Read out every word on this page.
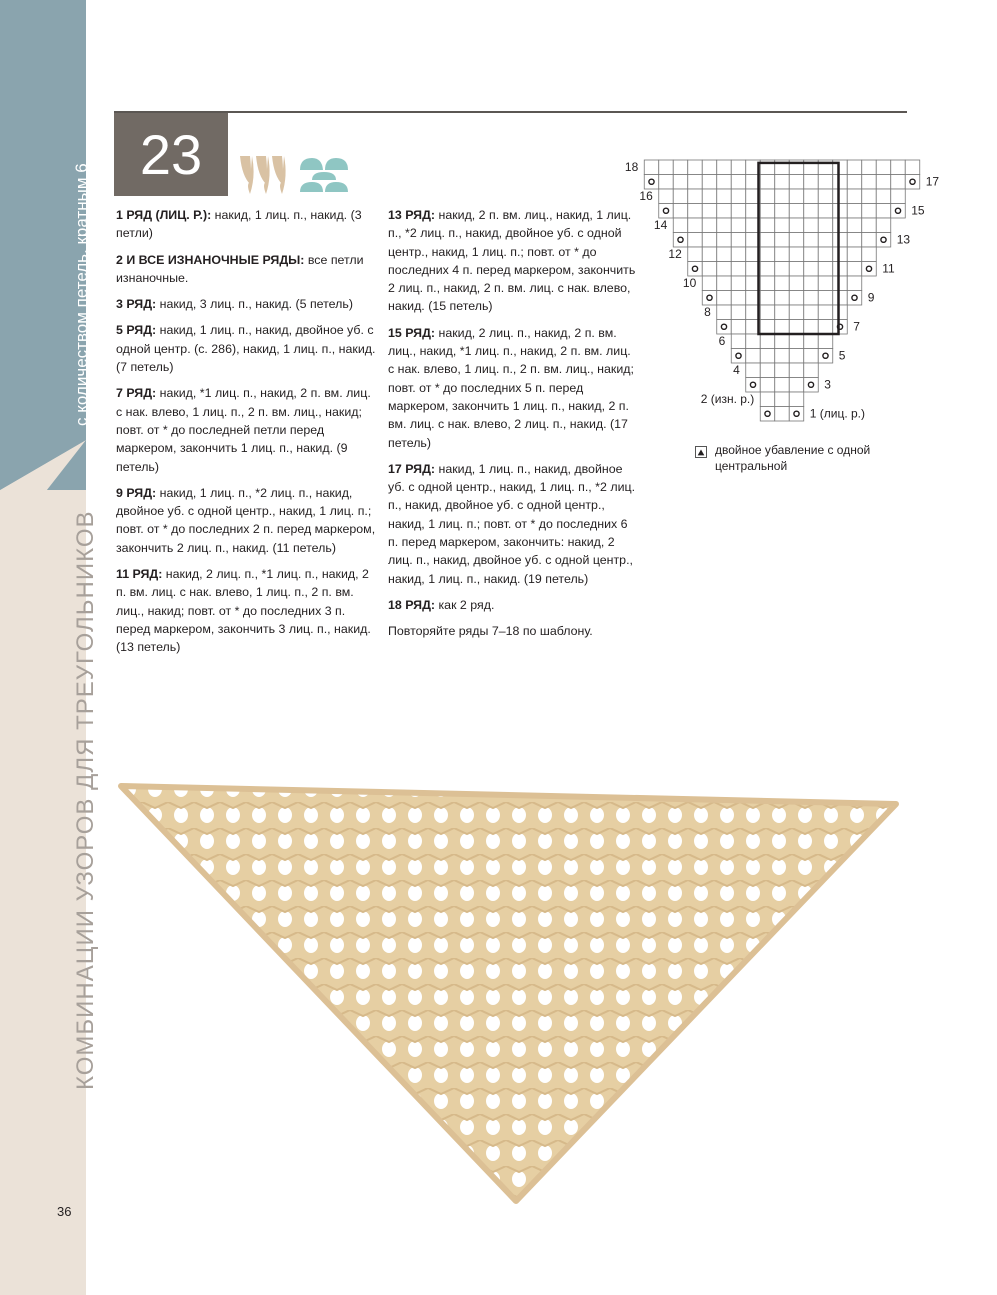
с количеством петель, кратным 6
КОМБИНАЦИИ УЗОРОВ ДЛЯ ТРЕУГОЛЬНИКОВ
23

1 РЯД (ЛИЦ. Р.): накид, 1 лиц. п., накид. (3 петли)

2 И ВСЕ ИЗНАНОЧНЫЕ РЯДЫ: все петли изнаночные.

3 РЯД: накид, 3 лиц. п., накид. (5 петель)

5 РЯД: накид, 1 лиц. п., накид, двойное уб. с одной центр. (с. 286), накид, 1 лиц. п., накид. (7 петель)

7 РЯД: накид, *1 лиц. п., накид, 2 п. вм. лиц. с нак. влево, 1 лиц. п., 2 п. вм. лиц., накид; повт. от * до последней петли перед маркером, закончить 1 лиц. п., накид. (9 петель)

9 РЯД: накид, 1 лиц. п., *2 лиц. п., накид, двойное уб. с одной центр., накид, 1 лиц. п.; повт. от * до последних 2 п. перед маркером, закончить 2 лиц. п., накид. (11 петель)

11 РЯД: накид, 2 лиц. п., *1 лиц. п., накид, 2 п. вм. лиц. с нак. влево, 1 лиц. п., 2 п. вм. лиц., накид; повт. от * до последних 3 п. перед маркером, закончить 3 лиц. п., накид. (13 петель)

13 РЯД: накид, 2 п. вм. лиц., накид, 1 лиц. п., *2 лиц. п., накид, двойное уб. с одной центр., накид, 1 лиц. п.; повт. от * до последних 4 п. перед маркером, закончить 2 лиц. п., накид, 2 п. вм. лиц. с нак. влево, накид. (15 петель)

15 РЯД: накид, 2 лиц. п., накид, 2 п. вм. лиц., накид, *1 лиц. п., накид, 2 п. вм. лиц. с нак. влево, 1 лиц. п., 2 п. вм. лиц., накид; повт. от * до последних 5 п. перед маркером, закончить 1 лиц. п., накид, 2 п. вм. лиц. с нак. влево, 2 лиц. п., накид. (17 петель)

17 РЯД: накид, 1 лиц. п., накид, двойное уб. с одной центр., накид, 1 лиц. п., *2 лиц. п., накид, двойное уб. с одной центр., накид, 1 лиц. п.; повт. от * до последних 6 п. перед маркером, закончить: накид, 2 лиц. п., накид, двойное уб. с одной центр., накид, 1 лиц. п., накид. (19 петель)

18 РЯД: как 2 ряд.

Повторяйте ряды 7–18 по шаблону.

18
16
14
12
10
8
6
4
2 (изн. р.)
17
15
13
11
9
7
5
3
1 (лиц. р.)
двойное убавление с одной центральной
36
